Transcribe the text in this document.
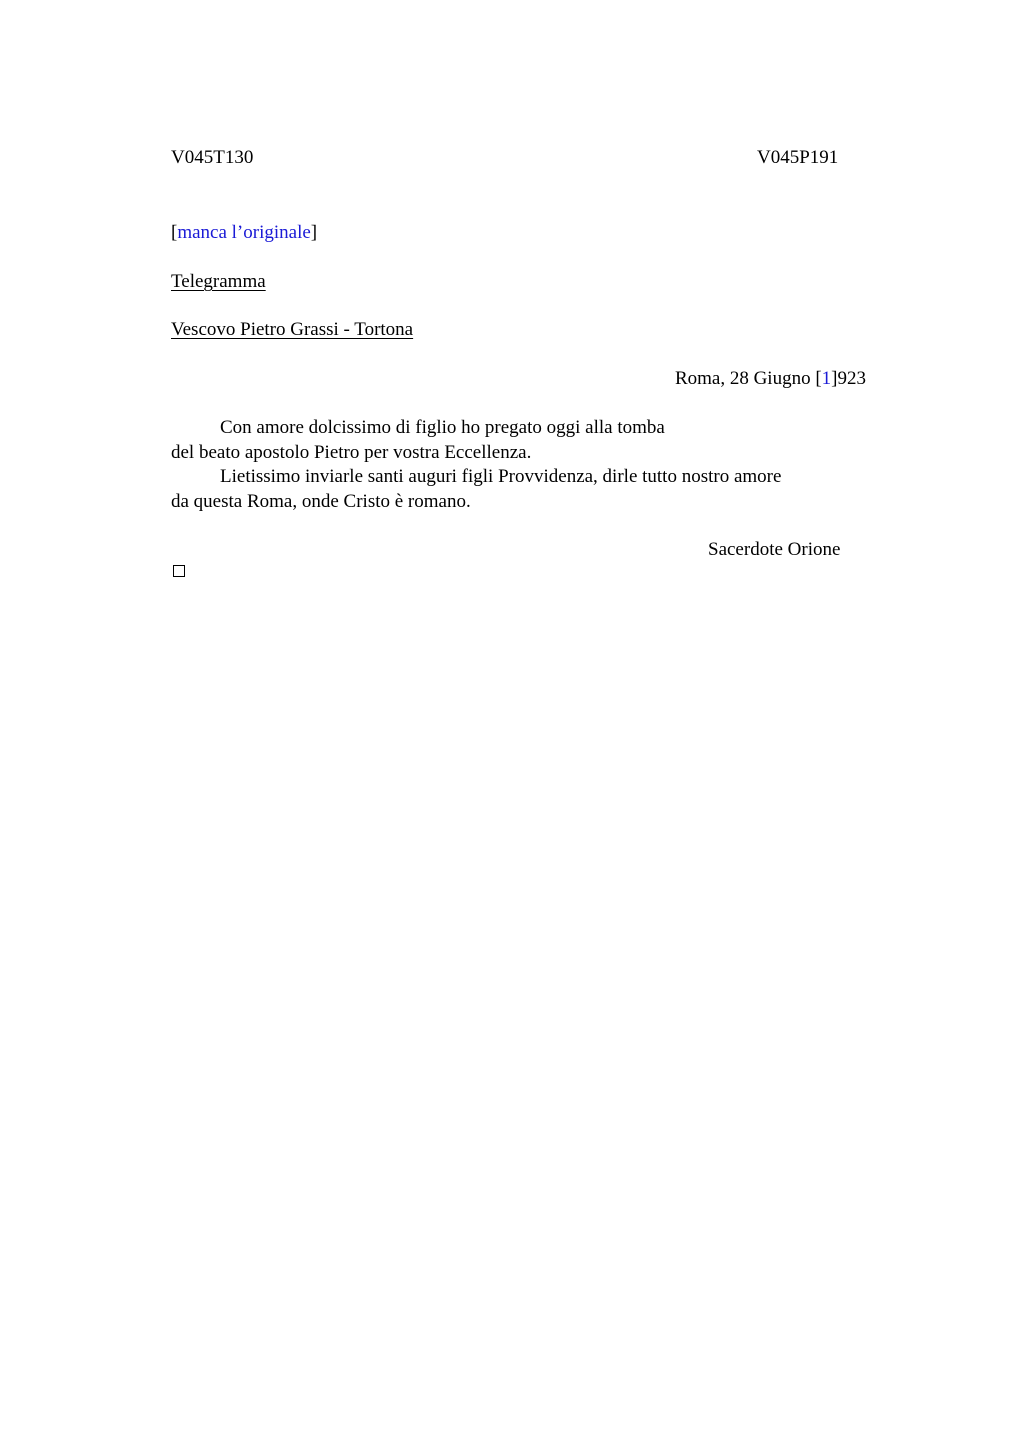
V045T130	V045P191
[manca l’originale]
Telegramma
Vescovo Pietro Grassi - Tortona
Roma, 28 Giugno [1]923

Con amore dolcissimo di figlio ho pregato oggi alla tomba

del beato apostolo Pietro per vostra Eccellenza.

Lietissimo inviarle santi auguri figli Provvidenza, dirle tutto nostro amore

da questa Roma, onde Cristo è romano.

Sacerdote Orione
